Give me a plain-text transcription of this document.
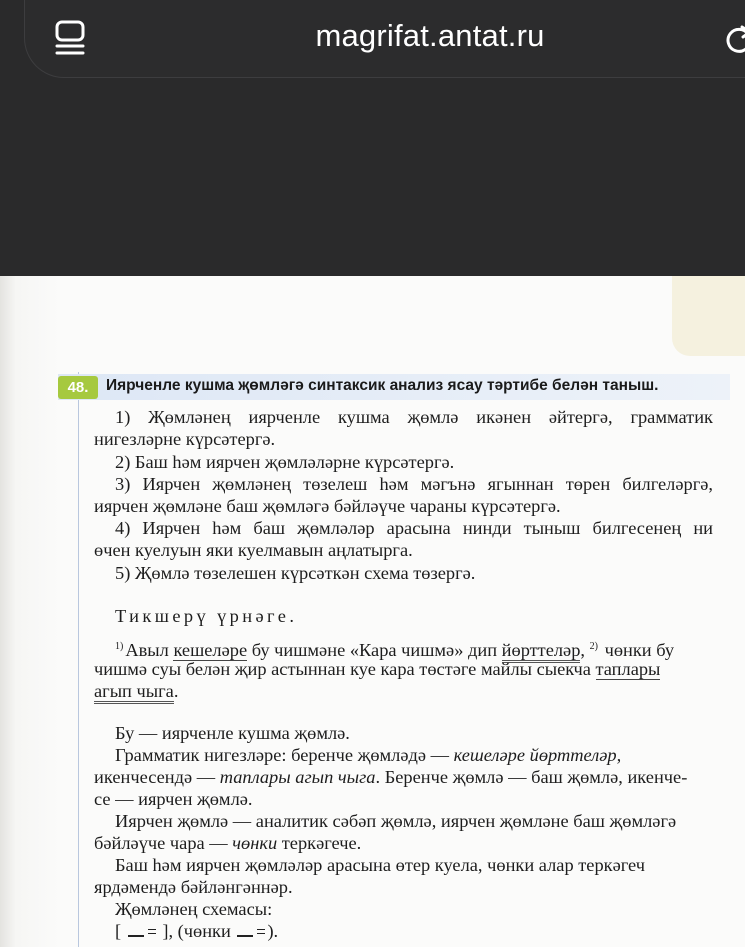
magrifat.antat.ru
48.	Иярченле кушма җөмләгә синтаксик анализ ясау тәртибе белән таныш.
1) Җөмләнең иярченле кушма җөмлә икәнен әйтергә, грамматик
нигезләрне күрсәтергә.
2) Баш һәм иярчен җөмләләрне күрсәтергә.
3) Иярчен җөмләнең төзелеш һәм мәгънә ягыннан төрен билгеләргә,
иярчен җөмләне баш җөмләгә бәйләүче чараны күрсәтергә.
4) Иярчен һәм баш җөмләләр арасына нинди тыныш билгесенең ни
өчен куелуын яки куелмавын аңлатырга.
5) Җөмлә төзелешен күрсәткән схема төзергә.
Тикшерү үрнәге.
$^{1)}$ Авыл кешеләре бу чишмәне «Кара чишмә» дип йөрттеләр, $^{2)}$ чөнки бу
чишмә суы белән җир астыннан куе кара төстәге майлы сыекча таплары
агып чыга.
Бу — иярченле кушма җөмлә.
Грамматик нигезләре: беренче җөмләдә — кешеләре йөрттеләр,
икенчесендә — таплары агып чыга. Беренче җөмлә — баш җөмлә, икенче-
се — иярчен җөмлә.
Иярчен җөмлә — аналитик сәбәп җөмлә, иярчен җөмләне баш җөмләгә
бәйләүче чара — чөнки теркәгече.
Баш һәм иярчен җөмләләр арасына өтер куела, чөнки алар теркәгеч
ярдәмендә бәйләнгәннәр.
Җөмләнең схемасы:
[  ], (чөнки ).
